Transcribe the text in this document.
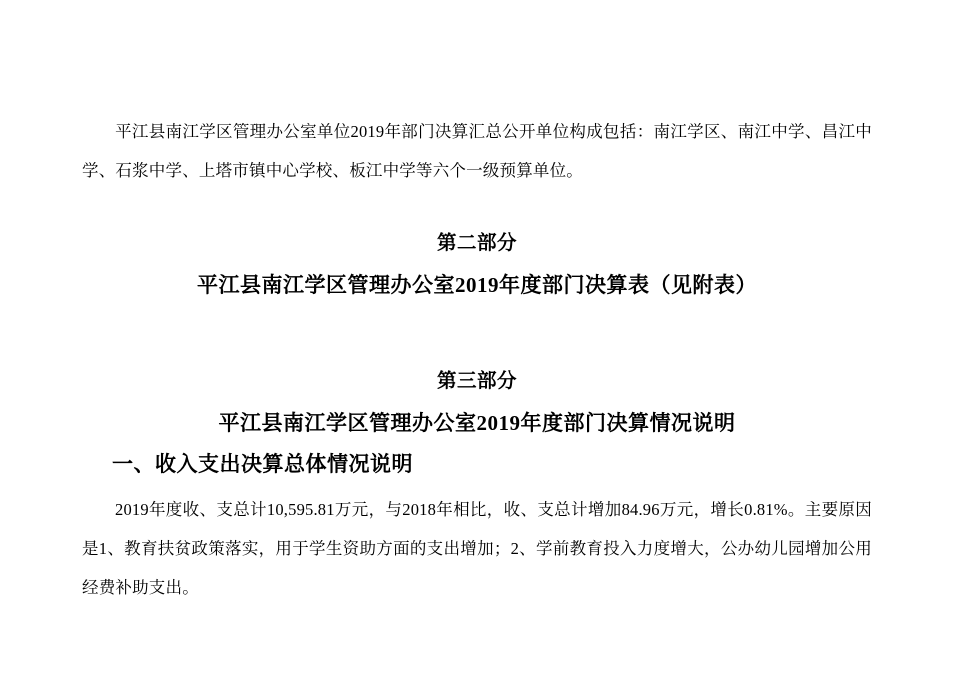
平江县南江学区管理办公室单位2019年部门决算汇总公开单位构成包括：南江学区、南江中学、昌江中学、石浆中学、上塔市镇中心学校、板江中学等六个一级预算单位。

第二部分
平江县南江学区管理办公室2019年度部门决算表（见附表）
第三部分
平江县南江学区管理办公室2019年度部门决算情况说明
一、收入支出决算总体情况说明

2019年度收、支总计10,595.81万元，与2018年相比，收、支总计增加84.96万元，增长0.81%。主要原因是1、教育扶贫政策落实，用于学生资助方面的支出增加；2、学前教育投入力度增大，公办幼儿园增加公用经费补助支出。
